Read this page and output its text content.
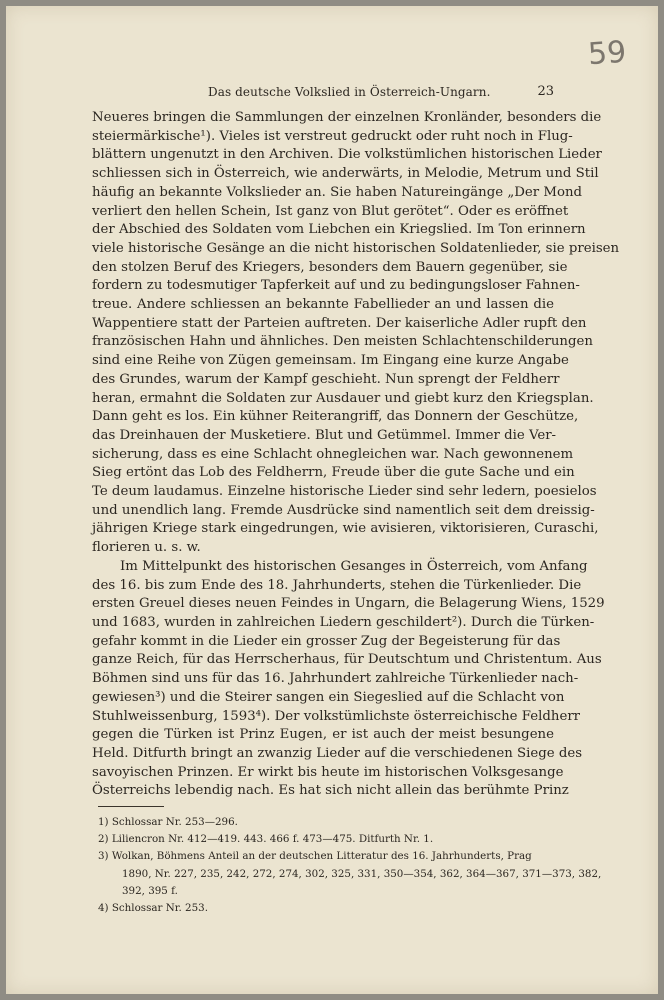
59
Das deutsche Volkslied in Österreich-Ungarn.	23
Neueres bringen die Sammlungen der einzelnen Kronländer, besonders die
steiermärkische¹). Vieles ist verstreut gedruckt oder ruht noch in Flug-
blättern ungenutzt in den Archiven. Die volkstümlichen historischen Lieder
schliessen sich in Österreich, wie anderwärts, in Melodie, Metrum und Stil
häufig an bekannte Volkslieder an. Sie haben Natureingänge „Der Mond
verliert den hellen Schein, Ist ganz von Blut gerötet“. Oder es eröffnet
der Abschied des Soldaten vom Liebchen ein Kriegslied. Im Ton erinnern
viele historische Gesänge an die nicht historischen Soldatenlieder, sie preisen
den stolzen Beruf des Kriegers, besonders dem Bauern gegenüber, sie
fordern zu todesmutiger Tapferkeit auf und zu bedingungsloser Fahnen-
treue. Andere schliessen an bekannte Fabellieder an und lassen die
Wappentiere statt der Parteien auftreten. Der kaiserliche Adler rupft den
französischen Hahn und ähnliches. Den meisten Schlachtenschilderungen
sind eine Reihe von Zügen gemeinsam. Im Eingang eine kurze Angabe
des Grundes, warum der Kampf geschieht. Nun sprengt der Feldherr
heran, ermahnt die Soldaten zur Ausdauer und giebt kurz den Kriegsplan.
Dann geht es los. Ein kühner Reiterangriff, das Donnern der Geschütze,
das Dreinhauen der Musketiere. Blut und Getümmel. Immer die Ver-
sicherung, dass es eine Schlacht ohnegleichen war. Nach gewonnenem
Sieg ertönt das Lob des Feldherrn, Freude über die gute Sache und ein
Te deum laudamus. Einzelne historische Lieder sind sehr ledern, poesielos
und unendlich lang. Fremde Ausdrücke sind namentlich seit dem dreissig-
jährigen Kriege stark eingedrungen, wie avisieren, viktorisieren, Curaschi,
florieren u. s. w.
Im Mittelpunkt des historischen Gesanges in Österreich, vom Anfang
des 16. bis zum Ende des 18. Jahrhunderts, stehen die Türkenlieder. Die
ersten Greuel dieses neuen Feindes in Ungarn, die Belagerung Wiens, 1529
und 1683, wurden in zahlreichen Liedern geschildert²). Durch die Türken-
gefahr kommt in die Lieder ein grosser Zug der Begeisterung für das
ganze Reich, für das Herrscherhaus, für Deutschtum und Christentum. Aus
Böhmen sind uns für das 16. Jahrhundert zahlreiche Türkenlieder nach-
gewiesen³) und die Steirer sangen ein Siegeslied auf die Schlacht von
Stuhlweissenburg, 1593⁴). Der volkstümlichste österreichische Feldherr
gegen die Türken ist Prinz Eugen, er ist auch der meist besungene
Held. Ditfurth bringt an zwanzig Lieder auf die verschiedenen Siege des
savoyischen Prinzen. Er wirkt bis heute im historischen Volksgesange
Österreichs lebendig nach. Es hat sich nicht allein das berühmte Prinz
1) Schlossar Nr. 253—296.
2) Liliencron Nr. 412—419. 443. 466 f. 473—475. Ditfurth Nr. 1.
3) Wolkan, Böhmens Anteil an der deutschen Litteratur des 16. Jahrhunderts, Prag
1890, Nr. 227, 235, 242, 272, 274, 302, 325, 331, 350—354, 362, 364—367, 371—373, 382,
392, 395 f.
4) Schlossar Nr. 253.
